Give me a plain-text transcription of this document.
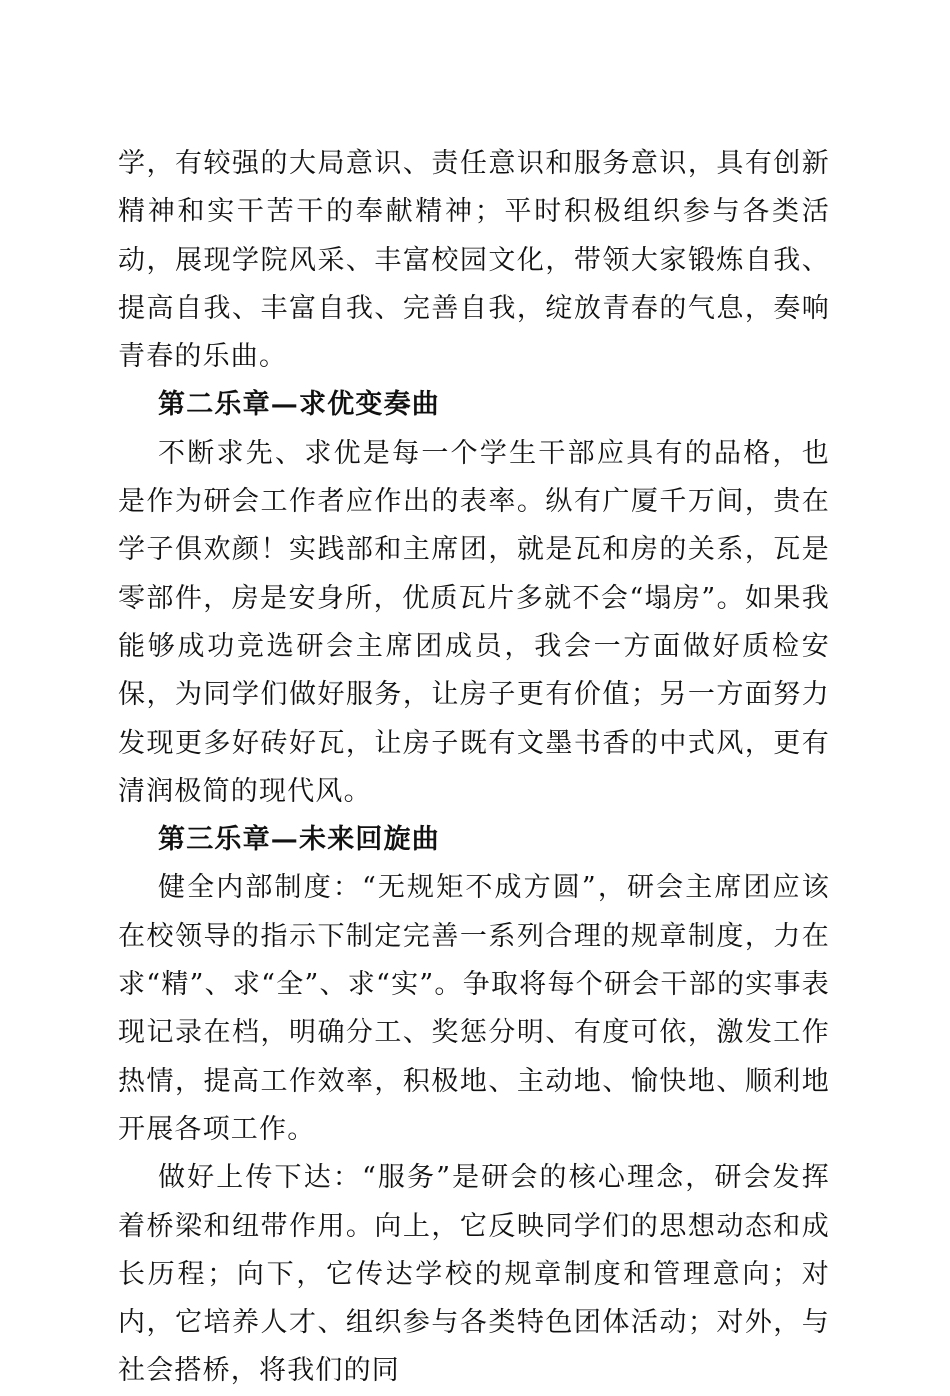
学，有较强的大局意识、责任意识和服务意识，具有创新精神和实干苦干的奉献精神；平时积极组织参与各类活动，展现学院风采、丰富校园文化，带领大家锻炼自我、提高自我、丰富自我、完善自我，绽放青春的气息，奏响青春的乐曲。

第二乐章—求优变奏曲

不断求先、求优是每一个学生干部应具有的品格，也是作为研会工作者应作出的表率。纵有广厦千万间，贵在学子俱欢颜！实践部和主席团，就是瓦和房的关系，瓦是零部件，房是安身所，优质瓦片多就不会“塌房”。如果我能够成功竞选研会主席团成员，我会一方面做好质检安保，为同学们做好服务，让房子更有价值；另一方面努力发现更多好砖好瓦，让房子既有文墨书香的中式风，更有清润极简的现代风。

第三乐章—未来回旋曲

健全内部制度：“无规矩不成方圆”，研会主席团应该在校领导的指示下制定完善一系列合理的规章制度，力在求“精”、求“全”、求“实”。争取将每个研会干部的实事表现记录在档，明确分工、奖惩分明、有度可依，激发工作热情，提高工作效率，积极地、主动地、愉快地、顺利地开展各项工作。

做好上传下达：“服务”是研会的核心理念，研会发挥着桥梁和纽带作用。向上，它反映同学们的思想动态和成长历程；向下，它传达学校的规章制度和管理意向；对内，它培养人才、组织参与各类特色团体活动；对外，与社会搭桥，将我们的同
